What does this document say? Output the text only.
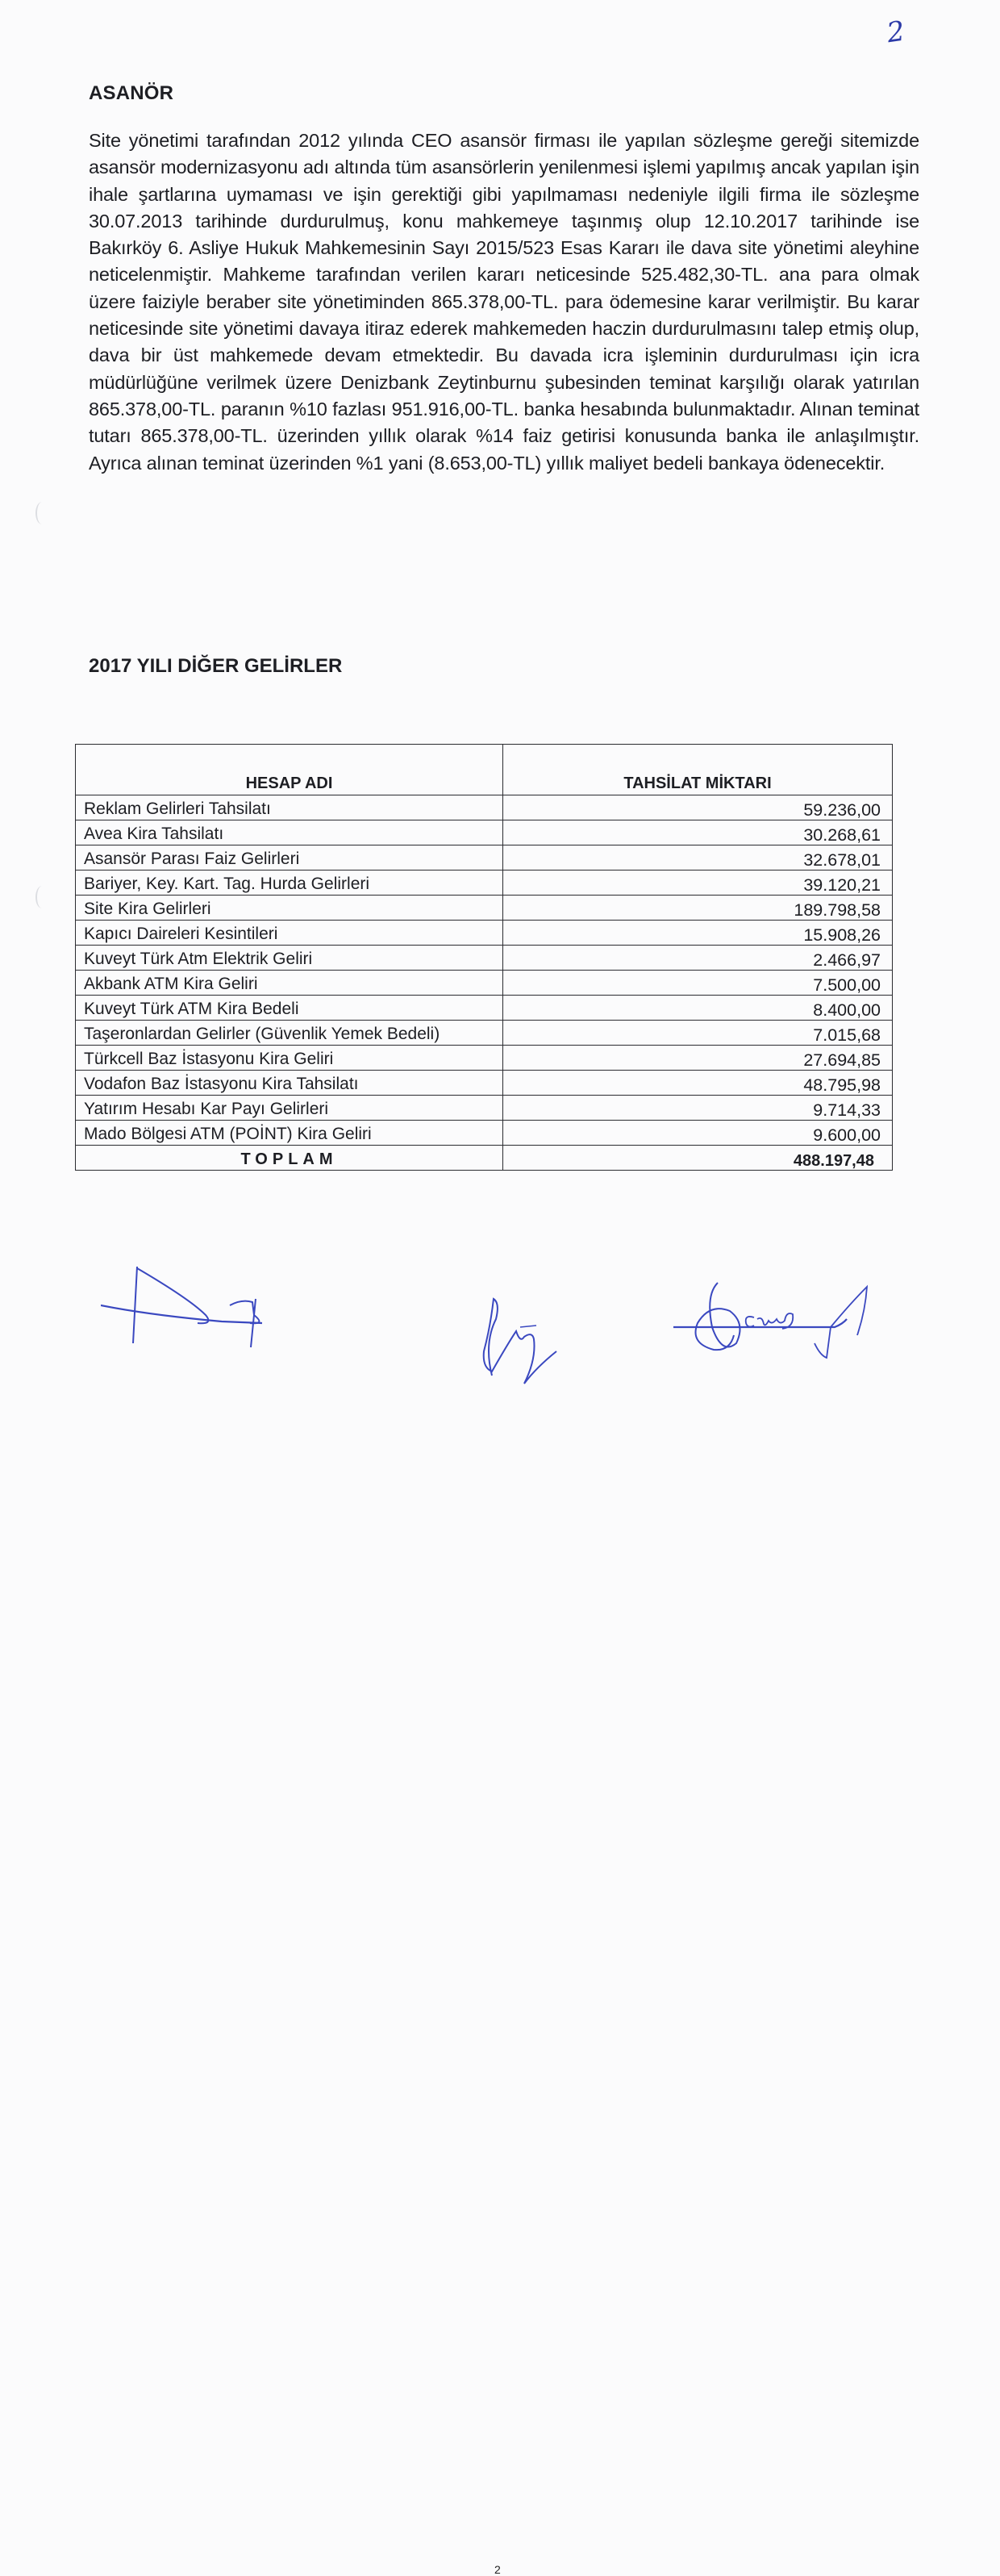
2
ASANÖR

Site yönetimi tarafından 2012 yılında CEO asansör firması ile yapılan sözleşme gereği sitemizde asansör modernizasyonu adı altında tüm asansörlerin yenilenmesi işlemi yapılmış ancak yapılan işin ihale şartlarına uymaması ve işin gerektiği gibi yapılmaması nedeniyle ilgili firma ile sözleşme 30.07.2013 tarihinde durdurulmuş, konu mahkemeye taşınmış olup 12.10.2017 tarihinde ise Bakırköy 6. Asliye Hukuk Mahkemesinin Sayı 2015/523 Esas Kararı ile dava site yönetimi aleyhine neticelenmiştir. Mahkeme tarafından verilen kararı neticesinde 525.482,30-TL. ana para olmak üzere faiziyle beraber site yönetiminden 865.378,00-TL. para ödemesine karar verilmiştir. Bu karar neticesinde site yönetimi davaya itiraz ederek mahkemeden haczin durdurulmasını talep etmiş olup, dava bir üst mahkemede devam etmektedir. Bu davada icra işleminin durdurulması için icra müdürlüğüne verilmek üzere Denizbank Zeytinburnu şubesinden teminat karşılığı olarak yatırılan 865.378,00-TL. paranın %10 fazlası 951.916,00-TL. banka hesabında bulunmaktadır. Alınan teminat tutarı 865.378,00-TL. üzerinden yıllık olarak %14 faiz getirisi konusunda banka ile anlaşılmıştır. Ayrıca alınan teminat üzerinden %1 yani (8.653,00-TL) yıllık maliyet bedeli bankaya ödenecektir.

2017 YILI DİĞER GELİRLER
HESAP ADI	TAHSİLAT MİKTARI
Reklam Gelirleri Tahsilatı	59.236,00
Avea Kira Tahsilatı	30.268,61
Asansör Parası Faiz Gelirleri	32.678,01
Bariyer, Key. Kart. Tag. Hurda Gelirleri	39.120,21
Site Kira Gelirleri	189.798,58
Kapıcı Daireleri Kesintileri	15.908,26
Kuveyt Türk Atm Elektrik Geliri	2.466,97
Akbank ATM Kira Geliri	7.500,00
Kuveyt Türk ATM Kira Bedeli	8.400,00
Taşeronlardan Gelirler (Güvenlik Yemek Bedeli)	7.015,68
Türkcell Baz İstasyonu Kira Geliri	27.694,85
Vodafon Baz İstasyonu Kira Tahsilatı	48.795,98
Yatırım Hesabı Kar Payı Gelirleri	9.714,33
Mado Bölgesi ATM (POİNT) Kira Geliri	9.600,00
TOPLAM	488.197,48
2
